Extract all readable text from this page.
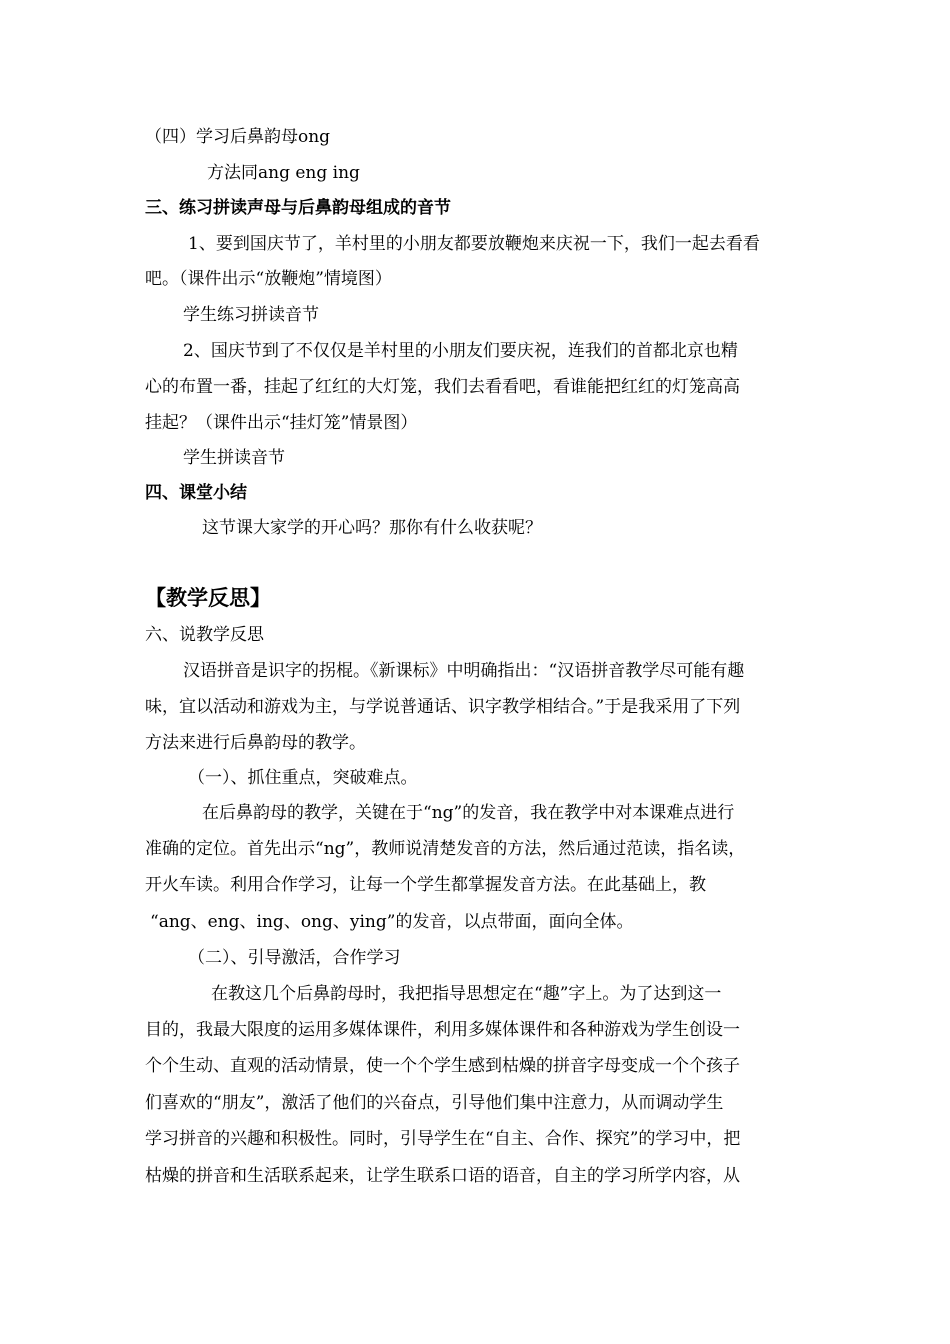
（四）学习后鼻韵母ong
方法同ang eng ing
三、练习拼读声母与后鼻韵母组成的音节
1、要到国庆节了，羊村里的小朋友都要放鞭炮来庆祝一下，我们一起去看看
吧。（课件出示“放鞭炮”情境图）
学生练习拼读音节
2、国庆节到了不仅仅是羊村里的小朋友们要庆祝，连我们的首都北京也精
心的布置一番，挂起了红红的大灯笼，我们去看看吧，看谁能把红红的灯笼高高
挂起？（课件出示“挂灯笼”情景图）
学生拼读音节
四、课堂小结
这节课大家学的开心吗？那你有什么收获呢？
【教学反思】
六、说教学反思
汉语拼音是识字的拐棍。《新课标》中明确指出：“汉语拼音教学尽可能有趣
味，宜以活动和游戏为主，与学说普通话、识字教学相结合。”于是我采用了下列
方法来进行后鼻韵母的教学。
（一）、抓住重点，突破难点。
在后鼻韵母的教学，关键在于“ng”的发音，我在教学中对本课难点进行
准确的定位。首先出示“ng”，教师说清楚发音的方法，然后通过范读，指名读，
开火车读。利用合作学习，让每一个学生都掌握发音方法。在此基础上，教
“ang、eng、ing、ong、ying”的发音，以点带面，面向全体。
（二）、引导激活，合作学习
在教这几个后鼻韵母时，我把指导思想定在“趣”字上。为了达到这一
目的，我最大限度的运用多媒体课件，利用多媒体课件和各种游戏为学生创设一
个个生动、直观的活动情景，使一个个学生感到枯燥的拼音字母变成一个个孩子
们喜欢的“朋友”，激活了他们的兴奋点，引导他们集中注意力，从而调动学生
学习拼音的兴趣和积极性。同时，引导学生在“自主、合作、探究”的学习中，把
枯燥的拼音和生活联系起来，让学生联系口语的语音，自主的学习所学内容，从
